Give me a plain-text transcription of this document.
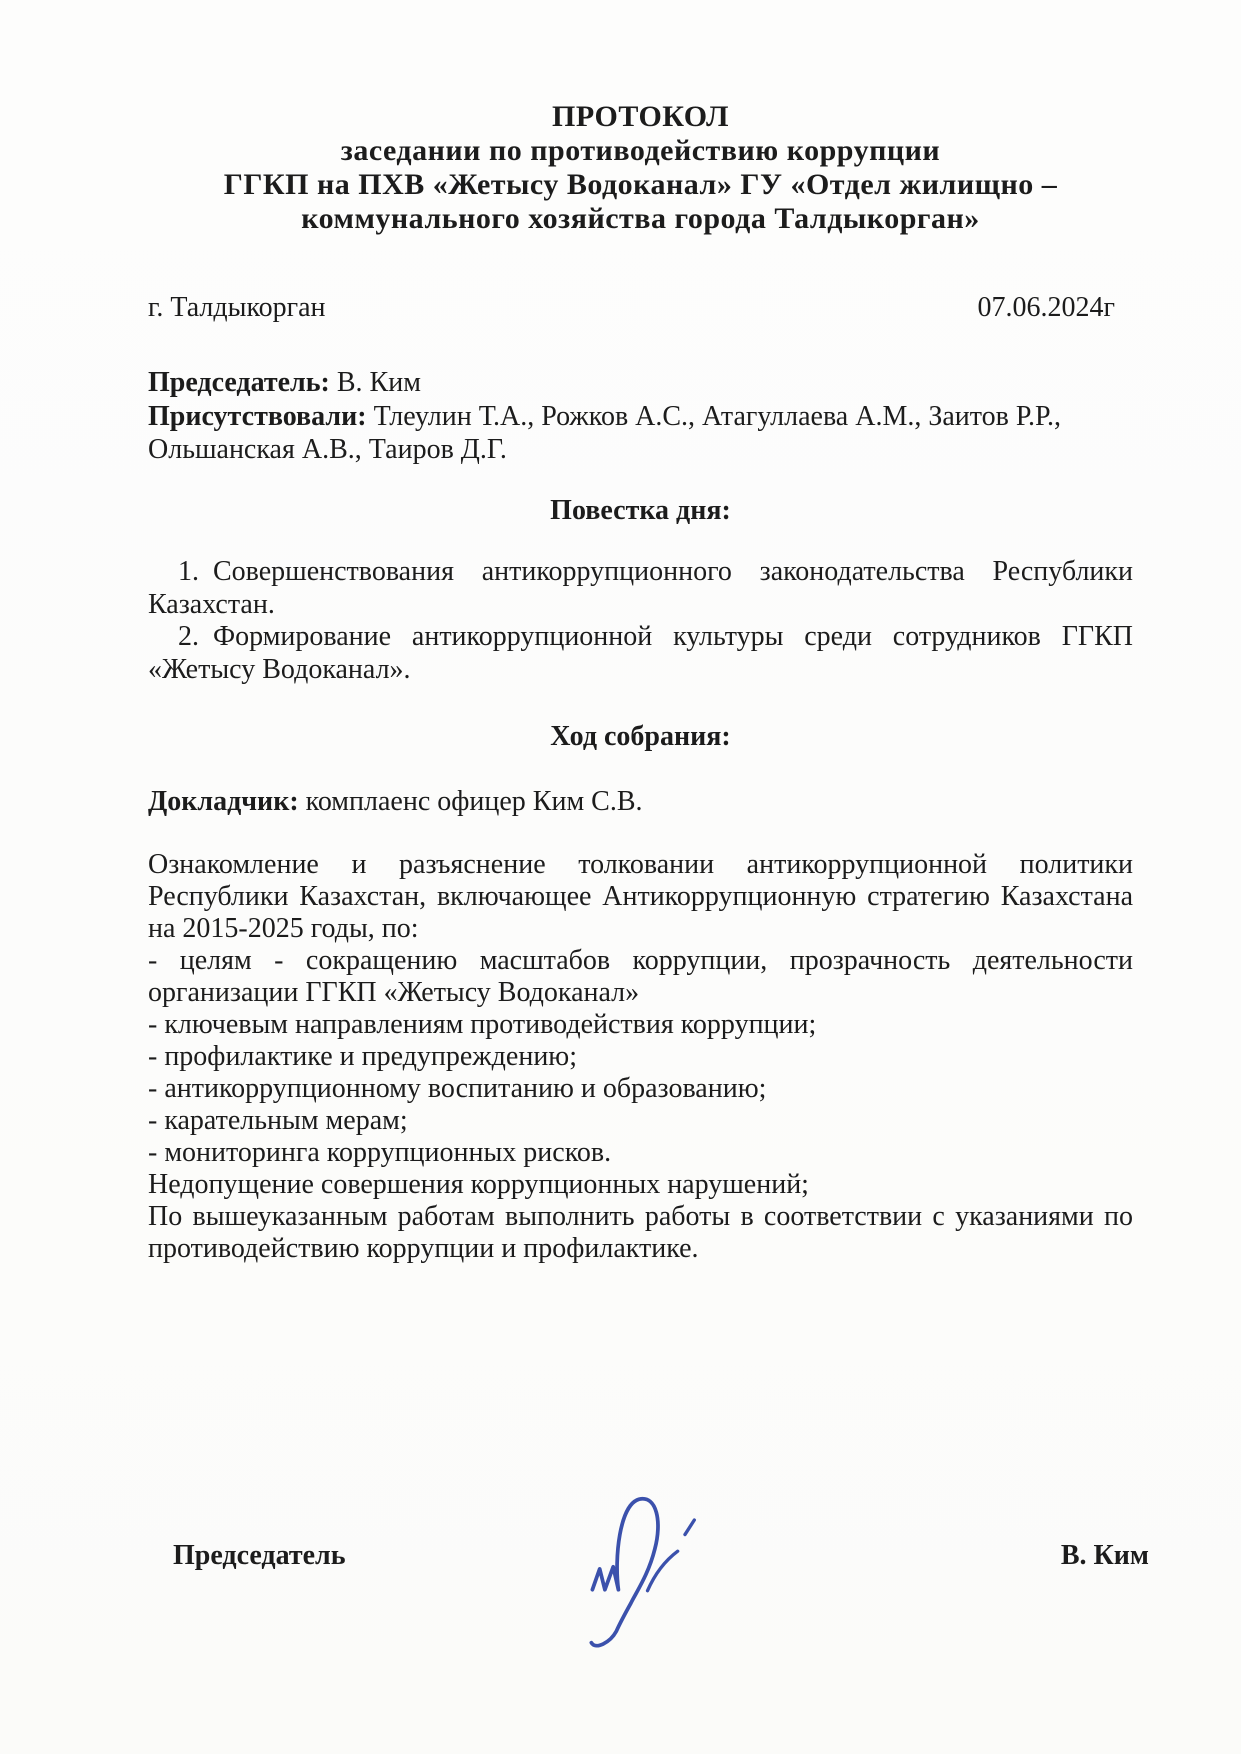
ПРОТОКОЛ
заседании по противодействию коррупции
ГГКП на ПХВ «Жетысу Водоканал» ГУ «Отдел жилищно –
коммунального хозяйства города Талдыкорган»
г. Талдыкорган	07.06.2024г

Председатель: В. Ким

Присутствовали: Тлеулин Т.А., Рожков А.С., Атагуллаева А.М., Заитов Р.Р., Ольшанская А.В., Таиров Д.Г.

Повестка дня:

1. Совершенствования антикоррупционного законодательства Республики Казахстан.

2. Формирование антикоррупционной культуры среди сотрудников ГГКП «Жетысу Водоканал».

Ход собрания:
Докладчик: комплаенс офицер Ким С.В.

Ознакомление и разъяснение толковании антикоррупционной политики Республики Казахстан, включающее Антикоррупционную стратегию Казахстана на 2015-2025 годы, по:

- целям - сокращению масштабов коррупции, прозрачность деятельности организации ГГКП «Жетысу Водоканал»

- ключевым направлениям противодействия коррупции;

- профилактике и предупреждению;

- антикоррупционному воспитанию и образованию;

- карательным мерам;

- мониторинга коррупционных рисков.

Недопущение совершения коррупционных нарушений;

По вышеуказанным работам выполнить работы в соответствии с указаниями по противодействию коррупции и профилактике.

Председатель	В. Ким
